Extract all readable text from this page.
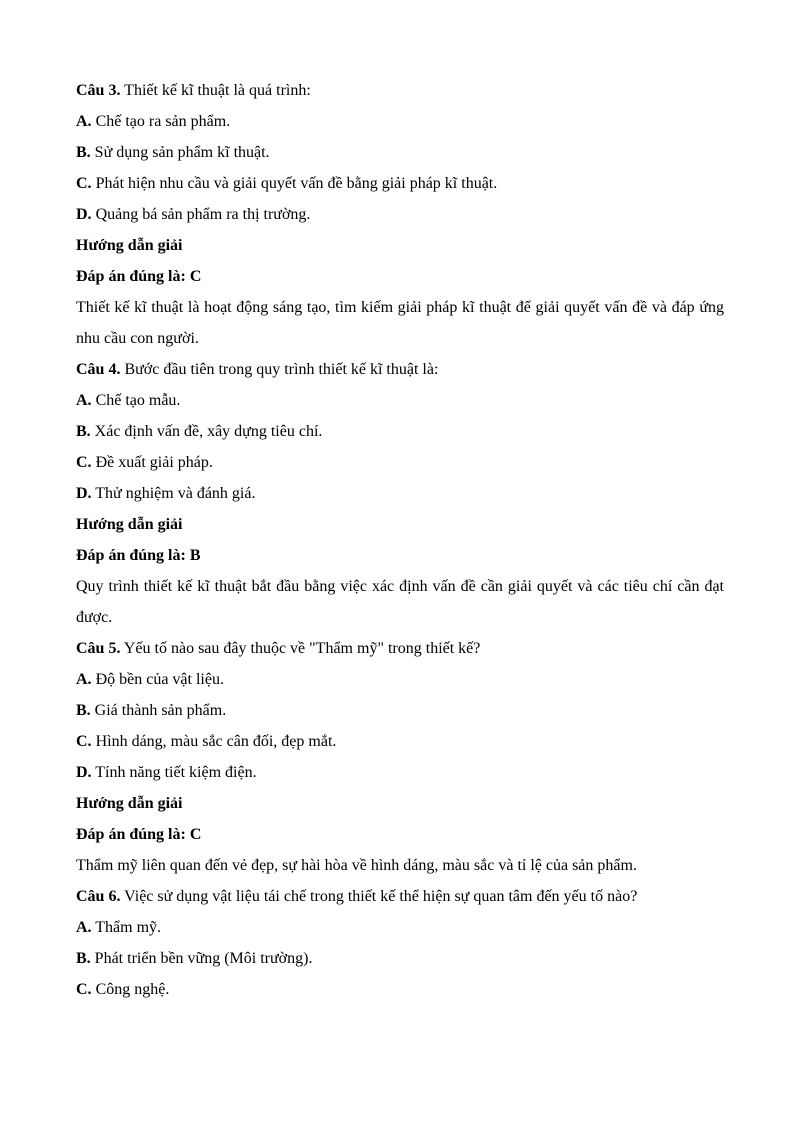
Câu 3. Thiết kế kĩ thuật là quá trình:

A. Chế tạo ra sản phẩm.

B. Sử dụng sản phẩm kĩ thuật.

C. Phát hiện nhu cầu và giải quyết vấn đề bằng giải pháp kĩ thuật.

D. Quảng bá sản phẩm ra thị trường.

Hướng dẫn giải

Đáp án đúng là: C

Thiết kế kĩ thuật là hoạt động sáng tạo, tìm kiếm giải pháp kĩ thuật để giải quyết vấn đề và đáp ứng nhu cầu con người.

Câu 4. Bước đầu tiên trong quy trình thiết kế kĩ thuật là:

A. Chế tạo mẫu.

B. Xác định vấn đề, xây dựng tiêu chí.

C. Đề xuất giải pháp.

D. Thử nghiệm và đánh giá.

Hướng dẫn giải

Đáp án đúng là: B

Quy trình thiết kế kĩ thuật bắt đầu bằng việc xác định vấn đề cần giải quyết và các tiêu chí cần đạt được.

Câu 5. Yếu tố nào sau đây thuộc về "Thẩm mỹ" trong thiết kế?

A. Độ bền của vật liệu.

B. Giá thành sản phẩm.

C. Hình dáng, màu sắc cân đối, đẹp mắt.

D. Tính năng tiết kiệm điện.

Hướng dẫn giải

Đáp án đúng là: C

Thẩm mỹ liên quan đến vẻ đẹp, sự hài hòa về hình dáng, màu sắc và tỉ lệ của sản phẩm.

Câu 6. Việc sử dụng vật liệu tái chế trong thiết kế thể hiện sự quan tâm đến yếu tố nào?

A. Thẩm mỹ.

B. Phát triển bền vững (Môi trường).

C. Công nghệ.
